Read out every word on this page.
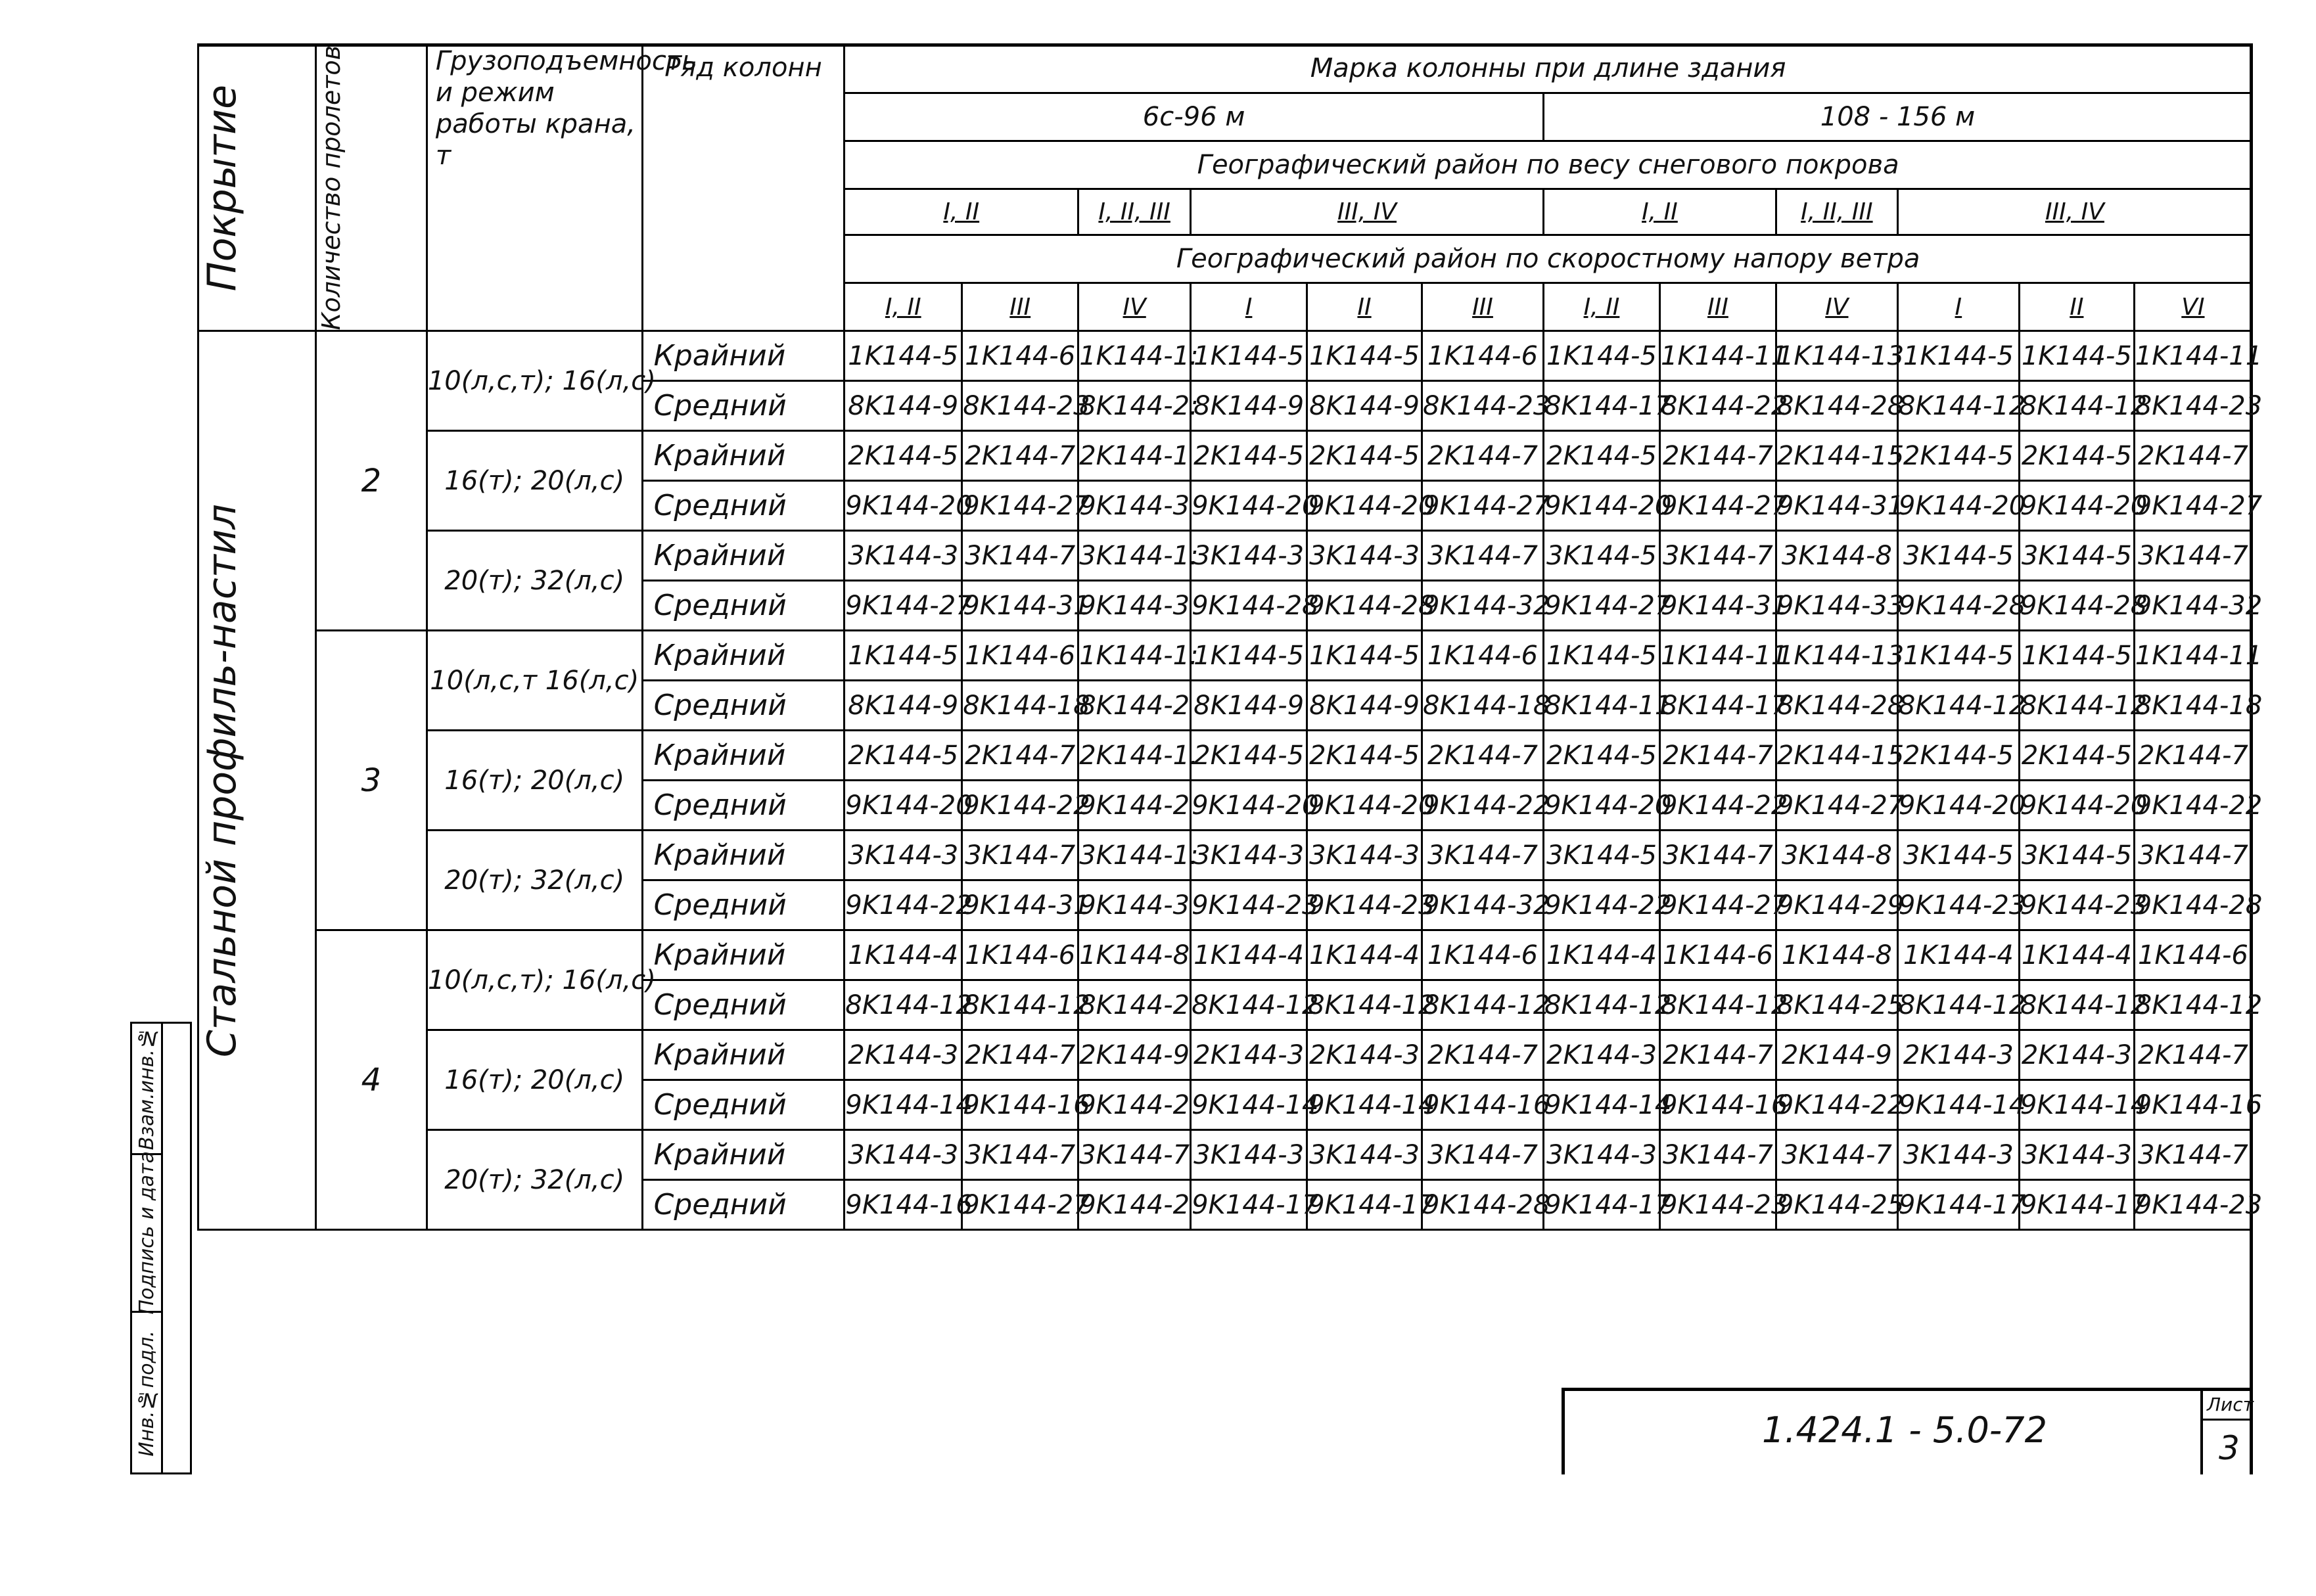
Покрытие	Количество пролетов	Грузоподъемность и режим работы крана, т	Ряд колонн	Марка колонны при длине здания											
				6с-96 м						108 - 156 м					
				Географический район по весу снегового покрова											
				I, II		I, II, III	III, IV			I, II		I, II, III	III, IV		
				Географический район по скоростному напору ветра											
				I, II	III	IV	I	II	III	I, II	III	IV	I	II	VI

Стальной профиль-настил	2	10(л,с,т); 16(л,с)	Крайний	1K144-5	1K144-6	1K144-1:	1K144-5	1K144-5	1K144-6	1K144-5	1K144-11	1K144-13	1K144-5	1K144-5	1K144-11
			Средний	8K144-9	8K144-23	8K144-2:	8K144-9	8K144-9	8K144-23	8K144-17	8K144-22	8K144-28	8K144-12	8K144-12	8K144-23
		16(т); 20(л,с)	Крайний	2K144-5	2K144-7	2K144-1	2K144-5	2K144-5	2K144-7	2K144-5	2K144-7	2K144-15	2K144-5	2K144-5	2K144-7
			Средний	9K144-20	9K144-27	9K144-3	9K144-20	9K144-20	9K144-27	9K144-20	9K144-27	9K144-31	9K144-20	9K144-20	9K144-27
		20(т); 32(л,с)	Крайний	3K144-3	3K144-7	3K144-1:	3K144-3	3K144-3	3K144-7	3K144-5	3K144-7	3K144-8	3K144-5	3K144-5	3K144-7
			Средний	9K144-27	9K144-31	9K144-3	9K144-28	9K144-28	9K144-32	9K144-27	9K144-31	9K144-33	9K144-28	9K144-28	9K144-32
	3	10(л,с,т 16(л,с)	Крайний	1K144-5	1K144-6	1K144-1:	1K144-5	1K144-5	1K144-6	1K144-5	1K144-11	1K144-13	1K144-5	1K144-5	1K144-11
			Средний	8K144-9	8K144-18	8K144-2	8K144-9	8K144-9	8K144-18	8K144-11	8K144-17	8K144-28	8K144-12	8K144-12	8K144-18
		16(т); 20(л,с)	Крайний	2K144-5	2K144-7	2K144-1.	2K144-5	2K144-5	2K144-7	2K144-5	2K144-7	2K144-15	2K144-5	2K144-5	2K144-7
			Средний	9K144-20	9K144-22	9K144-2	9K144-20	9K144-20	9K144-22	9K144-20	9K144-22	9K144-27	9K144-20	9K144-20	9K144-22
		20(т); 32(л,с)	Крайний	3K144-3	3K144-7	3K144-1:	3K144-3	3K144-3	3K144-7	3K144-5	3K144-7	3K144-8	3K144-5	3K144-5	3K144-7
			Средний	9K144-22	9K144-31	9K144-3	9K144-23	9K144-23	9K144-32	9K144-22	9K144-27	9K144-29	9K144-23	9K144-23	9K144-28
	4	10(л,с,т); 16(л,с)	Крайний	1K144-4	1K144-6	1K144-8	1K144-4	1K144-4	1K144-6	1K144-4	1K144-6	1K144-8	1K144-4	1K144-4	1K144-6
			Средний	8K144-12	8K144-12	8K144-2	8K144-12	8K144-12	8K144-12	8K144-12	8K144-12	8K144-25	8K144-12	8K144-12	8K144-12
		16(т); 20(л,с)	Крайний	2K144-3	2K144-7	2K144-9	2K144-3	2K144-3	2K144-7	2K144-3	2K144-7	2K144-9	2K144-3	2K144-3	2K144-7
			Средний	9K144-14	9K144-16	9K144-2	9K144-14	9K144-14	9K144-16	9K144-14	9K144-16	9K144-22	9K144-14	9K144-14	9K144-16
		20(т); 32(л,с)	Крайний	3K144-3	3K144-7	3K144-7	3K144-3	3K144-3	3K144-7	3K144-3	3K144-7	3K144-7	3K144-3	3K144-3	3K144-7
			Средний	9K144-16	9K144-27	9K144-2	9K144-17	9K144-17	9K144-28	9K144-17	9K144-23	9K144-25	9K144-17	9K144-17	9K144-23
Взам.инв.№
Подпись и дата
Инв.№подл.	1.424.1 - 5.0-72
Лист
3
